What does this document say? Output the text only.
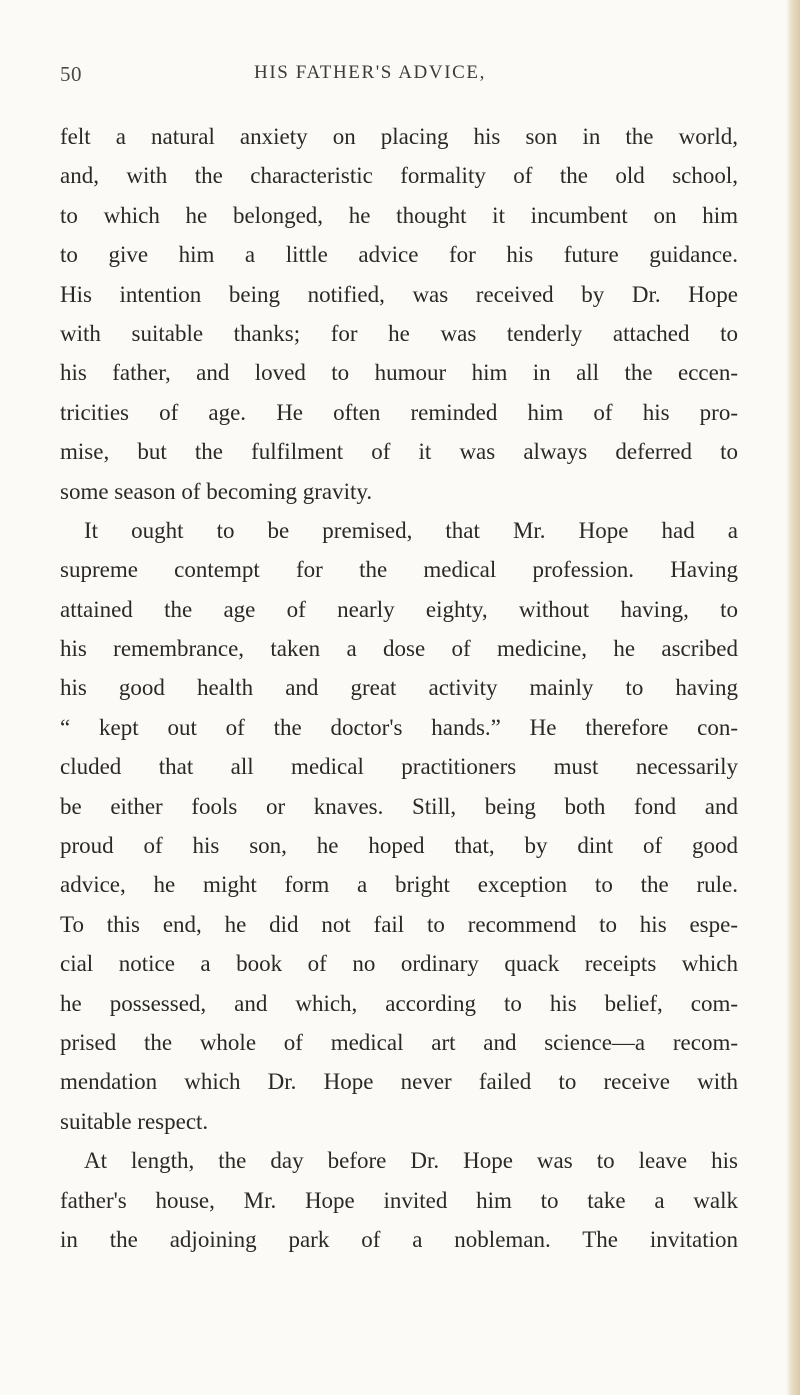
50	HIS FATHER'S ADVICE,
felt a natural anxiety on placing his son in the world,
and, with the characteristic formality of the old school,
to which he belonged, he thought it incumbent on him
to give him a little advice for his future guidance.
His intention being notified, was received by Dr. Hope
with suitable thanks; for he was tenderly attached to
his father, and loved to humour him in all the eccen-
tricities of age. He often reminded him of his pro-
mise, but the fulfilment of it was always deferred to
some season of becoming gravity.
It ought to be premised, that Mr. Hope had a
supreme contempt for the medical profession. Having
attained the age of nearly eighty, without having, to
his remembrance, taken a dose of medicine, he ascribed
his good health and great activity mainly to having
“ kept out of the doctor's hands.” He therefore con-
cluded that all medical practitioners must necessarily
be either fools or knaves. Still, being both fond and
proud of his son, he hoped that, by dint of good
advice, he might form a bright exception to the rule.
To this end, he did not fail to recommend to his espe-
cial notice a book of no ordinary quack receipts which
he possessed, and which, according to his belief, com-
prised the whole of medical art and science—a recom-
mendation which Dr. Hope never failed to receive with
suitable respect.
At length, the day before Dr. Hope was to leave his
father's house, Mr. Hope invited him to take a walk
in the adjoining park of a nobleman. The invitation
